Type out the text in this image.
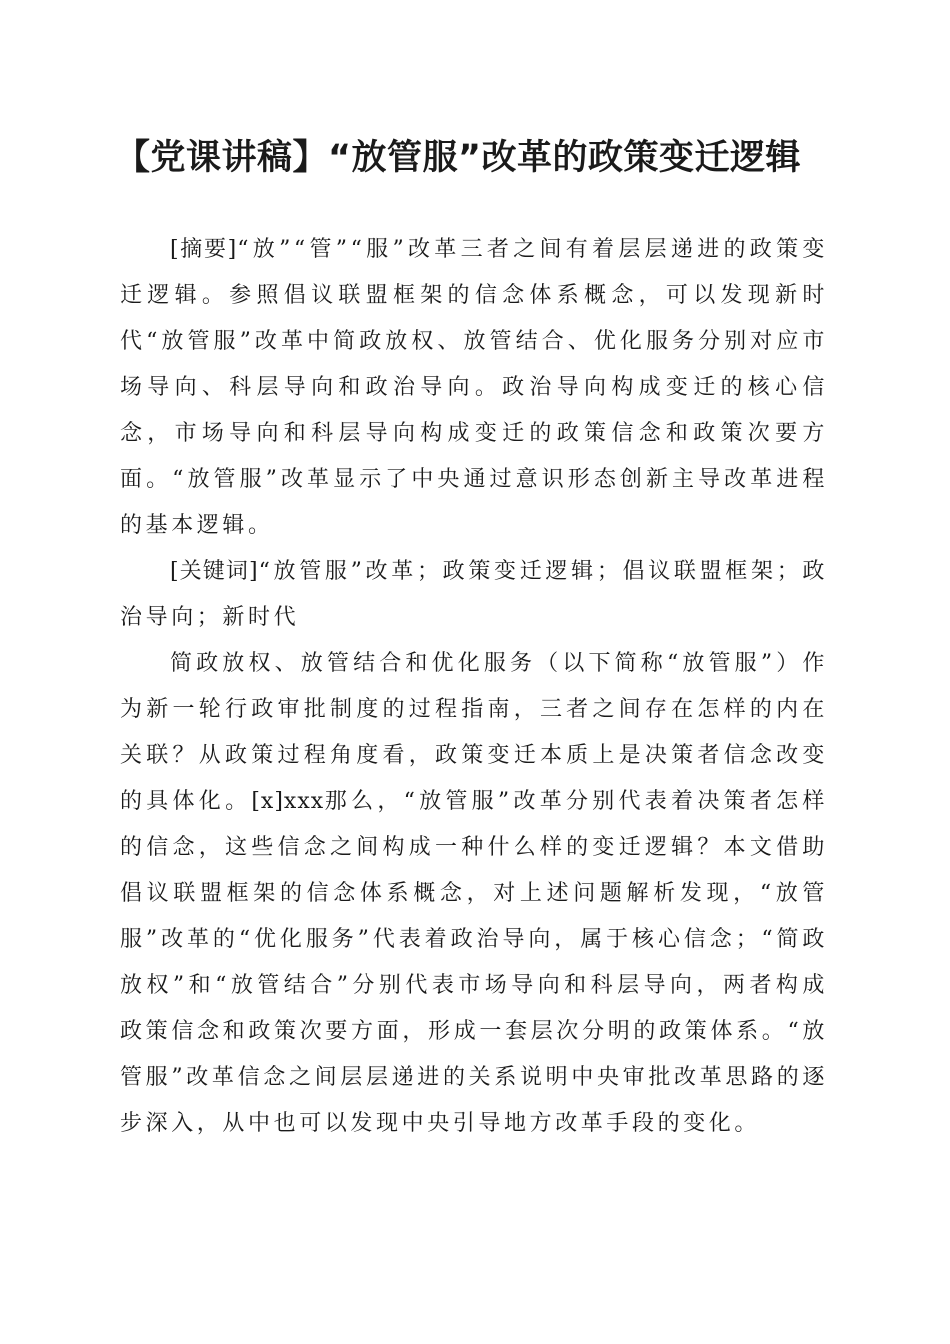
【党课讲稿】“放管服”改革的政策变迁逻辑

[摘要]“放”“管”“服”改革三者之间有着层层递进的政策变迁逻辑。参照倡议联盟框架的信念体系概念，可以发现新时代“放管服”改革中简政放权、放管结合、优化服务分别对应市场导向、科层导向和政治导向。政治导向构成变迁的核心信念，市场导向和科层导向构成变迁的政策信念和政策次要方面。“放管服”改革显示了中央通过意识形态创新主导改革进程的基本逻辑。

[关键词]“放管服”改革；政策变迁逻辑；倡议联盟框架；政治导向；新时代

简政放权、放管结合和优化服务（以下简称“放管服”）作为新一轮行政审批制度的过程指南，三者之间存在怎样的内在关联？从政策过程角度看，政策变迁本质上是决策者信念改变的具体化。[x]xxx那么，“放管服”改革分别代表着决策者怎样的信念，这些信念之间构成一种什么样的变迁逻辑？本文借助倡议联盟框架的信念体系概念，对上述问题解析发现，“放管服”改革的“优化服务”代表着政治导向，属于核心信念；“简政放权”和“放管结合”分别代表市场导向和科层导向，两者构成政策信念和政策次要方面，形成一套层次分明的政策体系。“放管服”改革信念之间层层递进的关系说明中央审批改革思路的逐步深入，从中也可以发现中央引导地方改革手段的变化。
